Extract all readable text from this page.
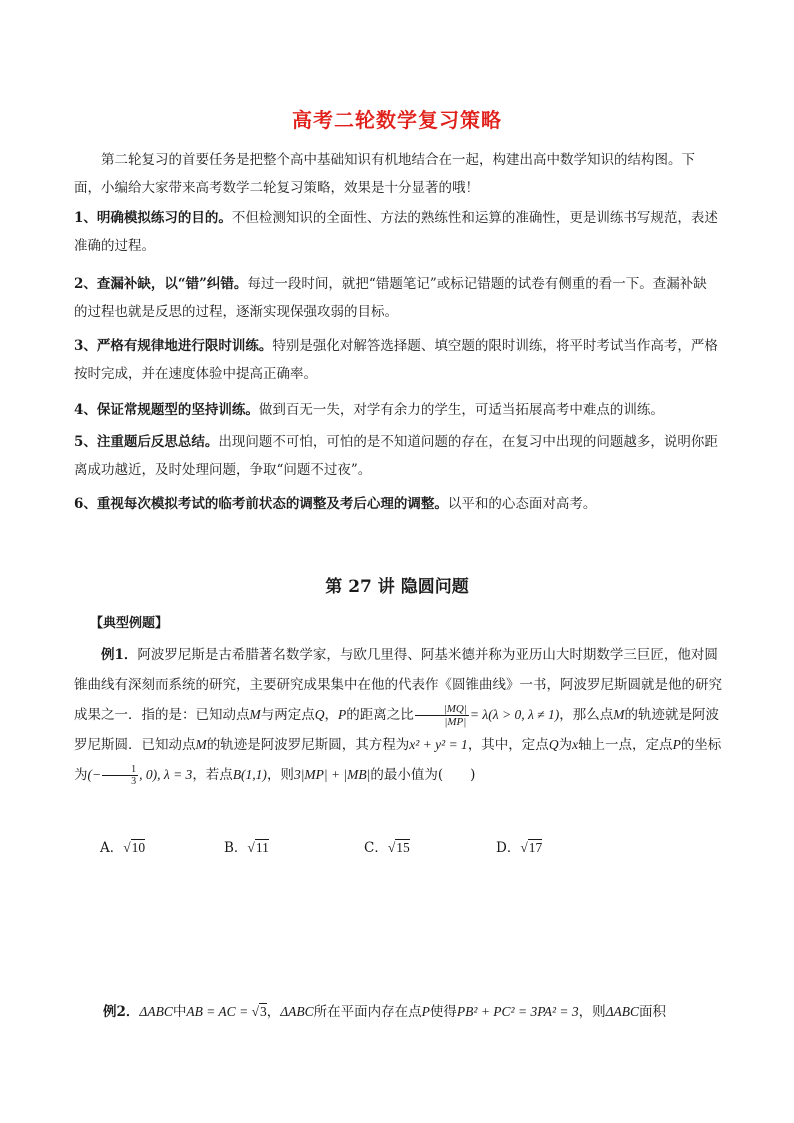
高考二轮数学复习策略
第二轮复习的首要任务是把整个高中基础知识有机地结合在一起，构建出高中数学知识的结构图。下面，小编给大家带来高考数学二轮复习策略，效果是十分显著的哦！
1、明确模拟练习的目的。不但检测知识的全面性、方法的熟练性和运算的准确性，更是训练书写规范，表述准确的过程。
2、查漏补缺，以“错”纠错。每过一段时间，就把“错题笔记”或标记错题的试卷有侧重的看一下。查漏补缺的过程也就是反思的过程，逐渐实现保强攻弱的目标。
3、严格有规律地进行限时训练。特别是强化对解答选择题、填空题的限时训练，将平时考试当作高考，严格按时完成，并在速度体验中提高正确率。
4、保证常规题型的坚持训练。做到百无一失，对学有余力的学生，可适当拓展高考中难点的训练。
5、注重题后反思总结。出现问题不可怕，可怕的是不知道问题的存在，在复习中出现的问题越多，说明你距离成功越近，及时处理问题，争取“问题不过夜”。
6、重视每次模拟考试的临考前状态的调整及考后心理的调整。以平和的心态面对高考。
第 27 讲 隐圆问题
【典型例题】
例1．阿波罗尼斯是古希腊著名数学家，与欧几里得、阿基米德并称为亚历山大时期数学三巨匠，他对圆锥曲线有深刻而系统的研究，主要研究成果集中在他的代表作《圆锥曲线》一书，阿波罗尼斯圆就是他的研究成果之一．指的是：已知动点M与两定点Q，P的距离之比 $\frac{|MQ|}{|MP|} = \lambda(\lambda > 0$, λ ≠ 1)，那么点M的轨迹就是阿波罗尼斯圆．已知动点M的轨迹是阿波罗尼斯圆，其方程为x² + y² = 1，其中，定点Q为x轴上一点，定点P的坐标为(− $\frac{1}{3}$ , 0), λ = 3，若点B(1,1)，则3|MP| + |MB|的最小值为(　　)
A．√10	B．√11	C．√15	D．√17
例2．ΔABC中AB = AC = √3，ΔABC所在平面内存在点P使得PB² + PC² = 3PA² = 3，则ΔABC面积
